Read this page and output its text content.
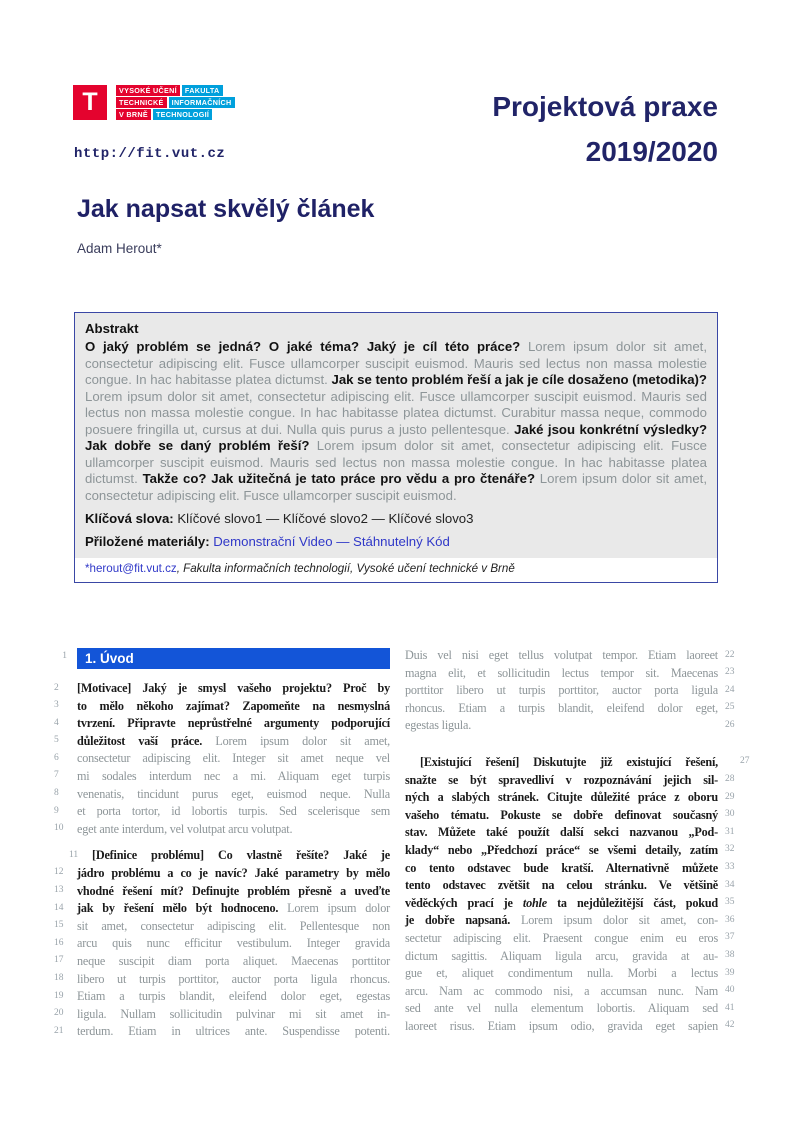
T	VYSOKÉ UČENÍ	FAKULTA
TECHNICKÉ	INFORMAČNÍCH
V BRNĚ	TECHNOLOGIÍ
http://fit.vut.cz
Projektová praxe
2019/2020
Jak napsat skvělý článek
Adam Herout*
Abstrakt

O jaký problém se jedná? O jaké téma? Jaký je cíl této práce? Lorem ipsum dolor sit amet, consectetur adipiscing elit. Fusce ullamcorper suscipit euismod. Mauris sed lectus non massa molestie congue. In hac habitasse platea dictumst. Jak se tento problém řeší a jak je cíle dosaženo (metodika)? Lorem ipsum dolor sit amet, consectetur adipiscing elit. Fusce ullamcorper suscipit euismod. Mauris sed lectus non massa molestie congue. In hac habitasse platea dictumst. Curabitur massa neque, commodo posuere fringilla ut, cursus at dui. Nulla quis purus a justo pellentesque. Jaké jsou konkrétní výsledky? Jak dobře se daný problém řeší? Lorem ipsum dolor sit amet, consectetur adipiscing elit. Fusce ullamcorper suscipit euismod. Mauris sed lectus non massa molestie congue. In hac habitasse platea dictumst. Takže co? Jak užitečná je tato práce pro vědu a pro čtenáře? Lorem ipsum dolor sit amet, consectetur adipiscing elit. Fusce ullamcorper suscipit euismod.

Klíčová slova: Klíčové slovo1 — Klíčové slovo2 — Klíčové slovo3
Přiložené materiály: Demonstrační Video — Stáhnutelný Kód
*herout@fit.vut.cz, Fakulta informačních technologií, Vysoké učení technické v Brně
1	1. Úvod
2	[Motivace] Jaký je smysl vašeho projektu? Proč by
3	to mělo někoho zajímat? Zapomeňte na nesmyslná
4	tvrzení. Připravte neprůstřelné argumenty podporující
5	důležitost vaší práce. Lorem ipsum dolor sit amet,
6	consectetur adipiscing elit. Integer sit amet neque vel
7	mi sodales interdum nec a mi. Aliquam eget turpis
8	venenatis, tincidunt purus eget, euismod neque. Nulla
9	et porta tortor, id lobortis turpis. Sed scelerisque sem
10	eget ante interdum, vel volutpat arcu volutpat.
11 [Definice problému] Co vlastně řešíte? Jaké je
12	jádro problému a co je navíc? Jaké parametry by mělo
13	vhodné řešení mít? Definujte problém přesně a uveďte
14	jak by řešení mělo být hodnoceno. Lorem ipsum dolor
15	sit amet, consectetur adipiscing elit. Pellentesque non
16	arcu quis nunc efficitur vestibulum. Integer gravida
17	neque suscipit diam porta aliquet. Maecenas porttitor
18	libero ut turpis porttitor, auctor porta ligula rhoncus.
19	Etiam a turpis blandit, eleifend dolor eget, egestas
20	ligula. Nullam sollicitudin pulvinar mi sit amet in-
21	terdum. Etiam in ultrices ante. Suspendisse potenti.
22
Duis vel nisi eget tellus volutpat tempor. Etiam laoreet
23
magna elit, et sollicitudin lectus tempor sit. Maecenas
24
porttitor libero ut turpis porttitor, auctor porta ligula
25
rhoncus. Etiam a turpis blandit, eleifend dolor eget,
26
egestas ligula.
27
[Existující řešení] Diskutujte již existující řešení,
28
snažte se být spravedliví v rozpoznávání jejich sil-
29
ných a slabých stránek. Citujte důležité práce z oboru
30
vašeho tématu. Pokuste se dobře definovat současný
31
stav. Můžete také použít další sekci nazvanou „Pod-
32
klady“ nebo „Předchozí práce“ se všemi detaily, zatím
33
co tento odstavec bude kratší. Alternativně můžete
34
tento odstavec zvětšit na celou stránku. Ve většině
35
věděckých prací je tohle ta nejdůležitější část, pokud
36
je dobře napsaná. Lorem ipsum dolor sit amet, con-
37
sectetur adipiscing elit. Praesent congue enim eu eros
38
dictum sagittis. Aliquam ligula arcu, gravida at au-
39
gue et, aliquet condimentum nulla. Morbi a lectus
40
arcu. Nam ac commodo nisi, a accumsan nunc. Nam
41
sed ante vel nulla elementum lobortis. Aliquam sed
42
laoreet risus. Etiam ipsum odio, gravida eget sapien
